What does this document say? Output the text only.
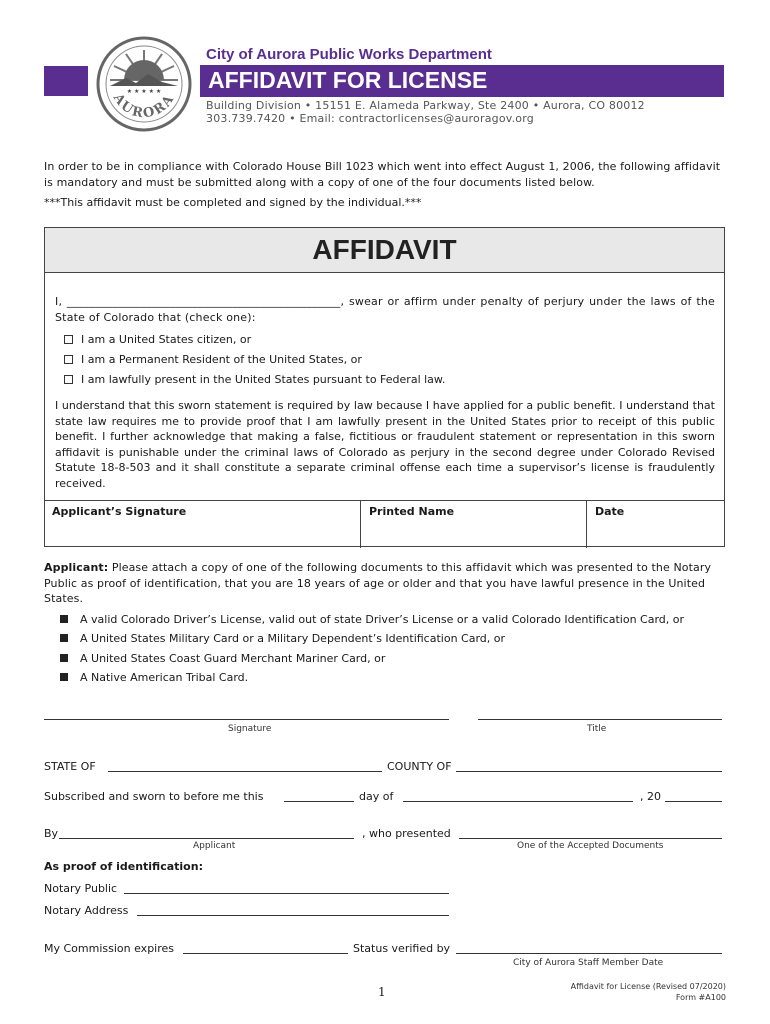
★ ★ ★ ★ ★
AURORA
City of Aurora Public Works Department
AFFIDAVIT FOR LICENSE
Building Division • 15151 E. Alameda Parkway, Ste 2400 • Aurora, CO 80012
303.739.7420 • Email: contractorlicenses@auroragov.org
In order to be in compliance with Colorado House Bill 1023 which went into effect August 1, 2006, the following affidavit is mandatory and must be submitted along with a copy of one of the four documents listed below.
***This affidavit must be completed and signed by the individual.***
AFFIDAVIT
I, ________________________________________________, swear or affirm under penalty of perjury under the laws of the State of Colorado that (check one):
I am a United States citizen, or
I am a Permanent Resident of the United States, or
I am lawfully present in the United States pursuant to Federal law.
I understand that this sworn statement is required by law because I have applied for a public benefit. I understand that state law requires me to provide proof that I am lawfully present in the United States prior to receipt of this public benefit. I further acknowledge that making a false, fictitious or fraudulent statement or representation in this sworn affidavit is punishable under the criminal laws of Colorado as perjury in the second degree under Colorado Revised Statute 18-8-503 and it shall constitute a separate criminal offense each time a supervisor’s license is fraudulently received.
Applicant’s Signature	Printed Name	Date
Applicant: Please attach a copy of one of the following documents to this affidavit which was presented to the Notary Public as proof of identification, that you are 18 years of age or older and that you have lawful presence in the United States.
A valid Colorado Driver’s License, valid out of state Driver’s License or a valid Colorado Identification Card, or
A United States Military Card or a Military Dependent’s Identification Card, or
A United States Coast Guard Merchant Mariner Card, or
A Native American Tribal Card.
Signature	Title
STATE OF	COUNTY OF
Subscribed and sworn to before me this	day of	, 20
By	, who presented
Applicant	One of the Accepted Documents
As proof of identification:
Notary Public
Notary Address
My Commission expires	Status verified by
City of Aurora Staff Member Date
1	Affidavit for License (Revised 07/2020)
Form #A100
